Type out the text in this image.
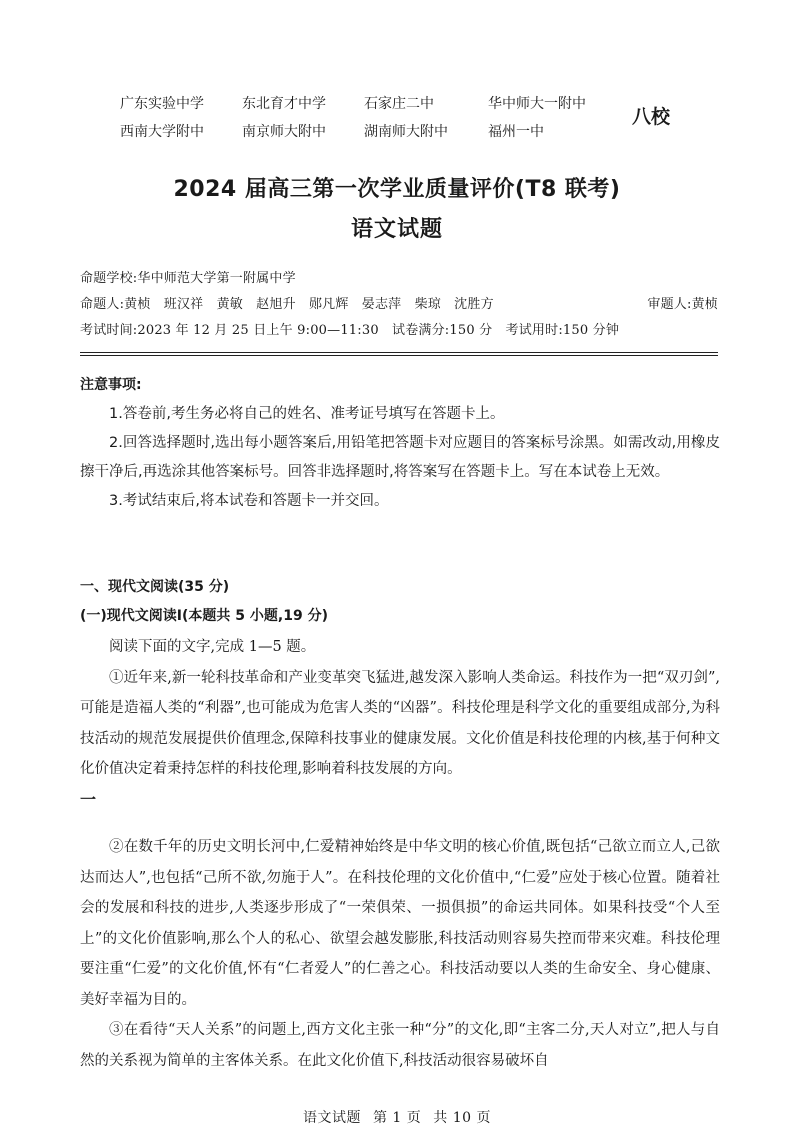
广东实验中学	东北育才中学	石家庄二中	华中师大一附中
西南大学附中	南京师大附中	湖南师大附中	福州一中
八校
2024 届高三第一次学业质量评价(T8 联考)
语文试题
命题学校:华中师范大学第一附属中学
命题人:黄桢　班汉祥　黄敏　赵旭升　郧凡辉　晏志萍　柴琼　沈胜方	审题人:黄桢
考试时间:2023 年 12 月 25 日上午 9:00—11:30　试卷满分:150 分　考试用时:150 分钟
注意事项:

1.答卷前,考生务必将自己的姓名、准考证号填写在答题卡上。

2.回答选择题时,选出每小题答案后,用铅笔把答题卡对应题目的答案标号涂黑。如需改动,用橡皮擦干净后,再选涂其他答案标号。回答非选择题时,将答案写在答题卡上。写在本试卷上无效。

3.考试结束后,将本试卷和答题卡一并交回。

一、现代文阅读(35 分)
(一)现代文阅读Ⅰ(本题共 5 小题,19 分)

阅读下面的文字,完成 1—5 题。

①近年来,新一轮科技革命和产业变革突飞猛进,越发深入影响人类命运。科技作为一把“双刃剑”,可能是造福人类的“利器”,也可能成为危害人类的“凶器”。科技伦理是科学文化的重要组成部分,为科技活动的规范发展提供价值理念,保障科技事业的健康发展。文化价值是科技伦理的内核,基于何种文化价值决定着秉持怎样的科技伦理,影响着科技发展的方向。

一

②在数千年的历史文明长河中,仁爱精神始终是中华文明的核心价值,既包括“己欲立而立人,己欲达而达人”,也包括“己所不欲,勿施于人”。在科技伦理的文化价值中,“仁爱”应处于核心位置。随着社会的发展和科技的进步,人类逐步形成了“一荣俱荣、一损俱损”的命运共同体。如果科技受“个人至上”的文化价值影响,那么个人的私心、欲望会越发膨胀,科技活动则容易失控而带来灾难。科技伦理要注重“仁爱”的文化价值,怀有“仁者爱人”的仁善之心。科技活动要以人类的生命安全、身心健康、美好幸福为目的。

③在看待“天人关系”的问题上,西方文化主张一种“分”的文化,即“主客二分,天人对立”,把人与自然的关系视为简单的主客体关系。在此文化价值下,科技活动很容易破坏自

语文试题 第 1 页 共 10 页
